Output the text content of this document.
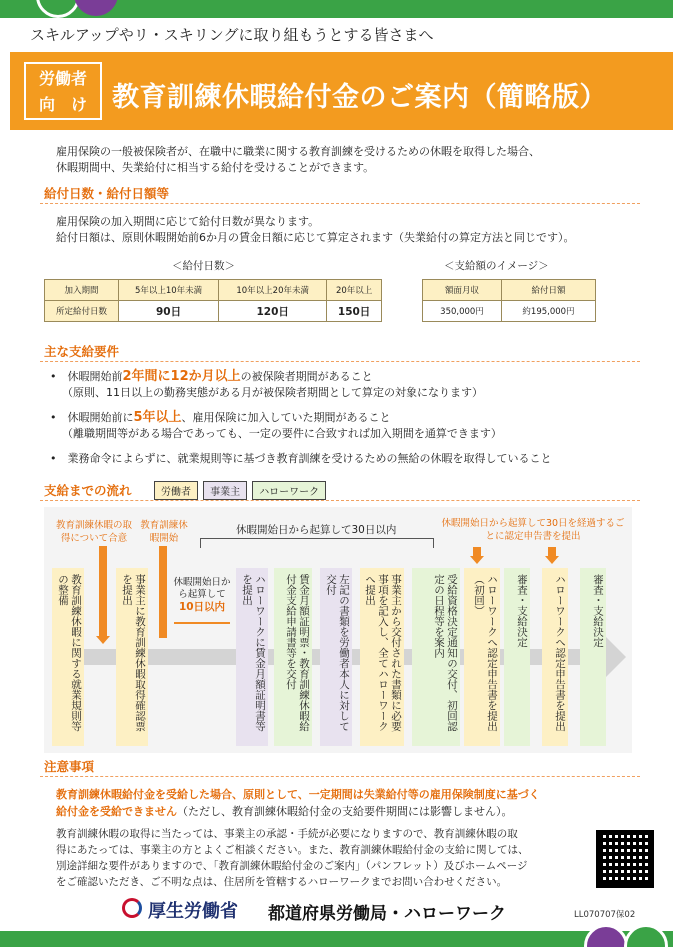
スキルアップやリ・スキリングに取り組もうとする皆さまへ
労働者
向　け 教育訓練休暇給付金のご案内（簡略版）
雇用保険の一般被保険者が、在職中に職業に関する教育訓練を受けるための休暇を取得した場合、
休暇期間中、失業給付に相当する給付を受けることができます。
給付日数・給付日額等
雇用保険の加入期間に応じて給付日数が異なります。
給付日額は、原則休暇開始前6か月の賃金日額に応じて算定されます（失業給付の算定方法と同じです）。
＜給付日数＞
加入期間	5年以上10年未満	10年以上20年未満	20年以上
所定給付日数	90日	120日	150日
＜支給額のイメージ＞
額面月収	給付日額
350,000円	約195,000円
主な支給要件
•　休暇開始前2年間に12か月以上の被保険者期間があること
（原則、11日以上の勤務実態がある月が被保険者期間として算定の対象になります）
•　休暇開始前に5年以上、雇用保険に加入していた期間があること
（離職期間等がある場合であっても、一定の要件に合致すれば加入期間を通算できます）
•　業務命令によらずに、就業規則等に基づき教育訓練を受けるための無給の休暇を取得していること
支給までの流れ	労働者 事業主 ハローワーク
教育訓練休暇の取得について合意
教育訓練休暇開始
休暇開始日から起算して30日以内
休暇開始日から起算して30日を経過するごとに認定申告書を提出
休暇開始日から起算して
10日以内
教育訓練休暇に関する就業規則等の整備	事業主に教育訓練休暇取得確認票を提出	ハローワークに賃金月額証明書等を提出	賃金月額証明票・教育訓練休暇給付金支給申請書等を交付	左記の書類を労働者本人に対して交付	事業主から交付された書類に必要事項を記入し、全てハローワークへ提出	受給資格決定通知の交付、初回認定の日程等を案内	ハローワークへ認定申告書を提出（初回）	審査・支給決定	ハローワークへ認定申告書を提出	審査・支給決定
注意事項
教育訓練休暇給付金を受給した場合、原則として、一定期間は失業給付等の雇用保険制度に基づく
給付金を受給できません（ただし、教育訓練休暇給付金の支給要件期間には影響しません）。
教育訓練休暇の取得に当たっては、事業主の承認・手続が必要になりますので、教育訓練休暇の取
得にあたっては、事業主の方とよくご相談ください。また、教育訓練休暇給付金の支給に関しては、
別途詳細な要件がありますので、「教育訓練休暇給付金のご案内」（パンフレット）及びホームページ
をご確認いただき、ご不明な点は、住居所を管轄するハローワークまでお問い合わせください。
厚生労働省 都道府県労働局・ハローワーク	LL070707保02
